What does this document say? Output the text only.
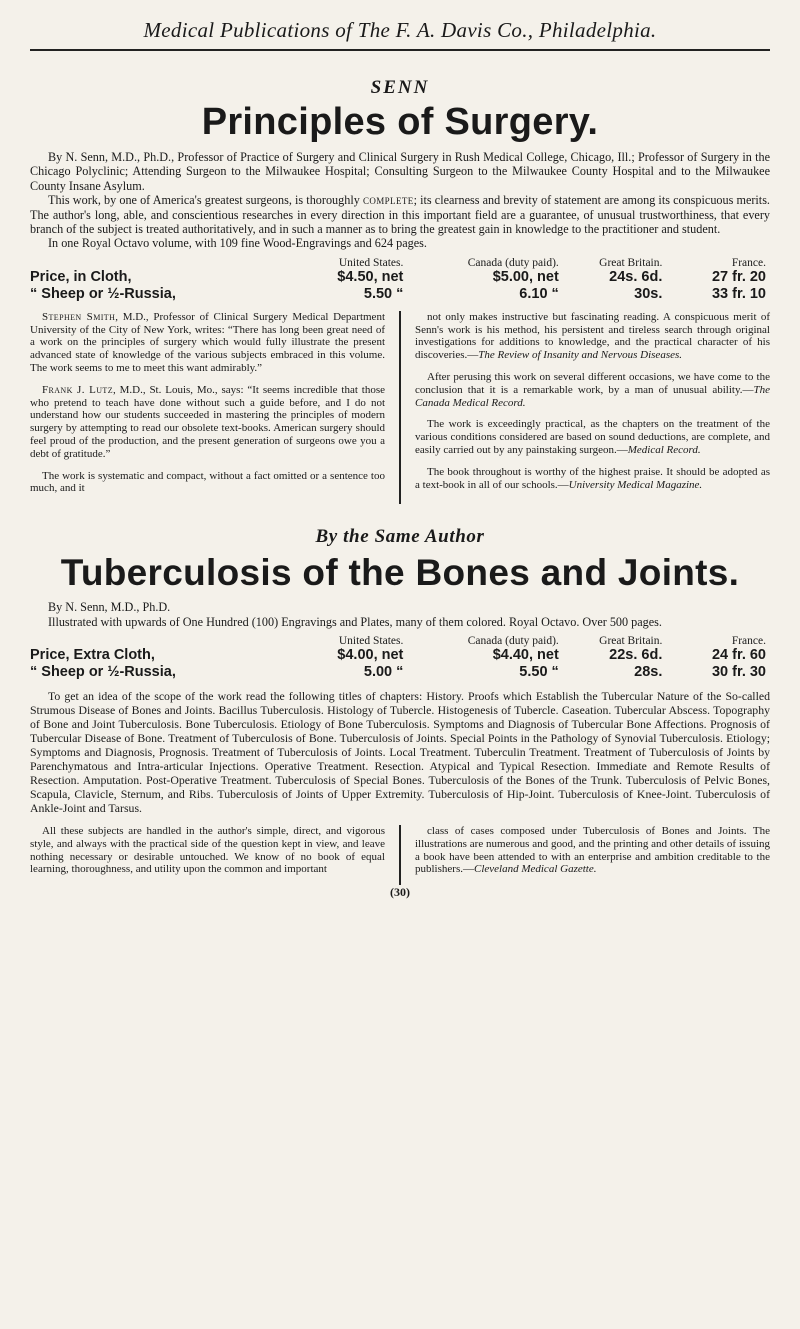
Medical Publications of The F. A. Davis Co., Philadelphia.
SENN
Principles of Surgery.

By N. Senn, M.D., Ph.D., Professor of Practice of Surgery and Clinical Surgery in Rush Medical College, Chicago, Ill.; Professor of Surgery in the Chicago Polyclinic; Attending Surgeon to the Milwaukee Hospital; Consulting Surgeon to the Milwaukee County Hospital and to the Milwaukee County Insane Asylum.

This work, by one of America's greatest surgeons, is thoroughly complete; its clearness and brevity of statement are among its conspicuous merits. The author's long, able, and conscientious researches in every direction in this important field are a guarantee, of unusual trustworthiness, that every branch of the subject is treated authoritatively, and in such a manner as to bring the greatest gain in knowledge to the practitioner and student.

In one Royal Octavo volume, with 109 fine Wood-Engravings and 624 pages.

	United States.	Canada (duty paid).	Great Britain.	France.
Price, in Cloth,	$4.50, net	$5.00, net	24s. 6d.	27 fr. 20
“ Sheep or ½-Russia,	5.50 “	6.10 “	30s.	33 fr. 10

Stephen Smith, M.D., Professor of Clinical Surgery Medical Department University of the City of New York, writes: “There has long been great need of a work on the principles of surgery which would fully illustrate the present advanced state of knowledge of the various subjects embraced in this volume. The work seems to me to meet this want admirably.”

Frank J. Lutz, M.D., St. Louis, Mo., says: “It seems incredible that those who pretend to teach have done without such a guide before, and I do not understand how our students succeeded in mastering the principles of modern surgery by attempting to read our obsolete text-books. American surgery should feel proud of the production, and the present generation of surgeons owe you a debt of gratitude.”

The work is systematic and compact, without a fact omitted or a sentence too much, and it

not only makes instructive but fascinating reading. A conspicuous merit of Senn's work is his method, his persistent and tireless search through original investigations for additions to knowledge, and the practical character of his discoveries.—The Review of Insanity and Nervous Diseases.

After perusing this work on several different occasions, we have come to the conclusion that it is a remarkable work, by a man of unusual ability.—The Canada Medical Record.

The work is exceedingly practical, as the chapters on the treatment of the various conditions considered are based on sound deductions, are complete, and easily carried out by any painstaking surgeon.—Medical Record.

The book throughout is worthy of the highest praise. It should be adopted as a text-book in all of our schools.—University Medical Magazine.

By the Same Author
Tuberculosis of the Bones and Joints.

By N. Senn, M.D., Ph.D.

Illustrated with upwards of One Hundred (100) Engravings and Plates, many of them colored. Royal Octavo. Over 500 pages.

	United States.	Canada (duty paid).	Great Britain.	France.
Price, Extra Cloth,	$4.00, net	$4.40, net	22s. 6d.	24 fr. 60
“ Sheep or ½-Russia,	5.00 “	5.50 “	28s.	30 fr. 30

To get an idea of the scope of the work read the following titles of chapters: History. Proofs which Establish the Tubercular Nature of the So-called Strumous Disease of Bones and Joints. Bacillus Tuberculosis. Histology of Tubercle. Histogenesis of Tubercle. Caseation. Tubercular Abscess. Topography of Bone and Joint Tuberculosis. Bone Tuberculosis. Etiology of Bone Tuberculosis. Symptoms and Diagnosis of Tubercular Bone Affections. Prognosis of Tubercular Disease of Bone. Treatment of Tuberculosis of Bone. Tuberculosis of Joints. Special Points in the Pathology of Synovial Tuberculosis. Etiology; Symptoms and Diagnosis, Prognosis. Treatment of Tuberculosis of Joints. Local Treatment. Tuberculin Treatment. Treatment of Tuberculosis of Joints by Parenchymatous and Intra-articular Injections. Operative Treatment. Resection. Atypical and Typical Resection. Immediate and Remote Results of Resection. Amputation. Post-Operative Treatment. Tuberculosis of Special Bones. Tuberculosis of the Bones of the Trunk. Tuberculosis of Pelvic Bones, Scapula, Clavicle, Sternum, and Ribs. Tuberculosis of Joints of Upper Extremity. Tuberculosis of Hip-Joint. Tuberculosis of Knee-Joint. Tuberculosis of Ankle-Joint and Tarsus.

All these subjects are handled in the author's simple, direct, and vigorous style, and always with the practical side of the question kept in view, and leave nothing necessary or desirable untouched. We know of no book of equal learning, thoroughness, and utility upon the common and important

class of cases composed under Tuberculosis of Bones and Joints. The illustrations are numerous and good, and the printing and other details of issuing a book have been attended to with an enterprise and ambition creditable to the publishers.—Cleveland Medical Gazette.

(30)
